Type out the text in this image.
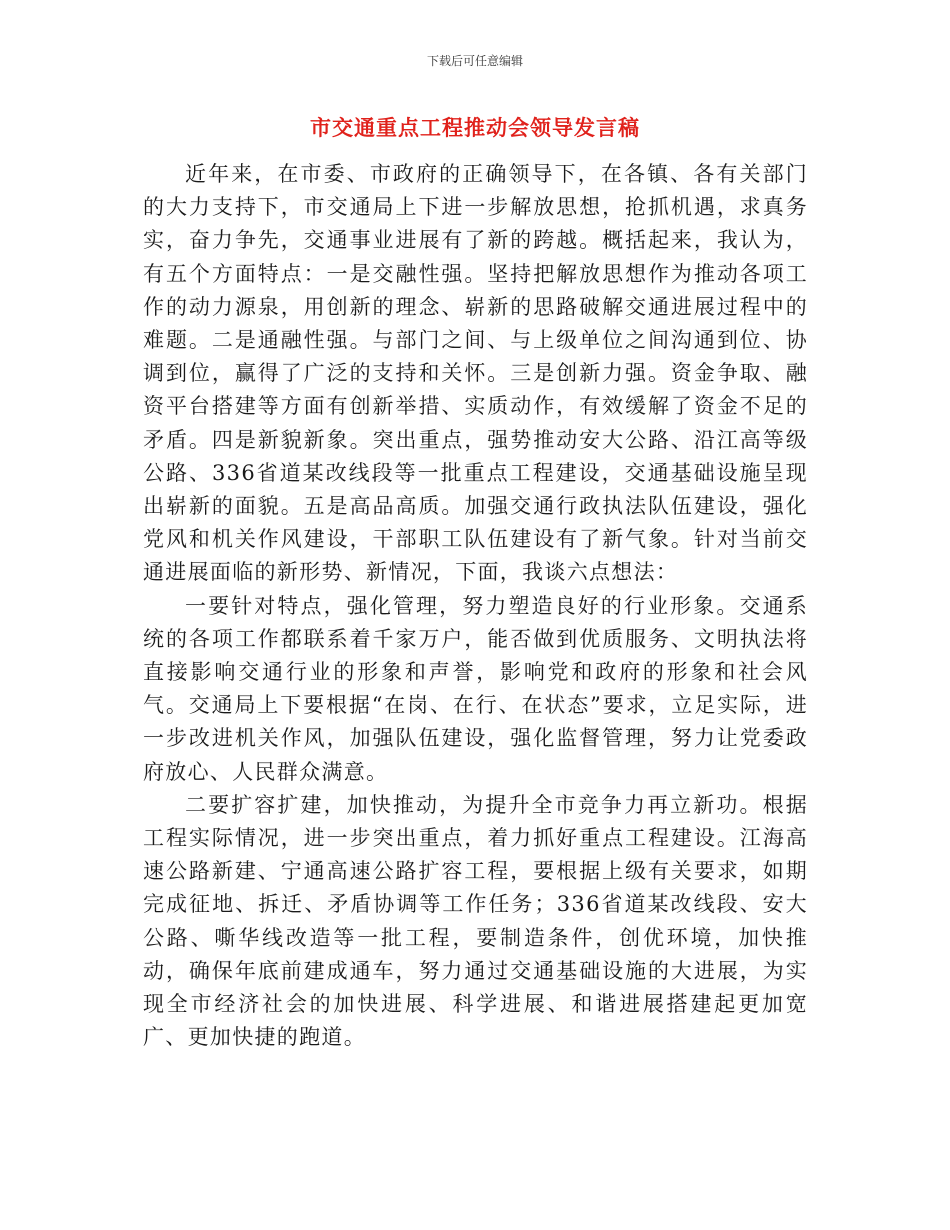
下载后可任意编辑
市交通重点工程推动会领导发言稿

近年来，在市委、市政府的正确领导下，在各镇、各有关部门的大力支持下，市交通局上下进一步解放思想，抢抓机遇，求真务实，奋力争先，交通事业进展有了新的跨越。概括起来，我认为，有五个方面特点：一是交融性强。坚持把解放思想作为推动各项工作的动力源泉，用创新的理念、崭新的思路破解交通进展过程中的难题。二是通融性强。与部门之间、与上级单位之间沟通到位、协调到位，赢得了广泛的支持和关怀。三是创新力强。资金争取、融资平台搭建等方面有创新举措、实质动作，有效缓解了资金不足的矛盾。四是新貌新象。突出重点，强势推动安大公路、沿江高等级公路、336省道某改线段等一批重点工程建设，交通基础设施呈现出崭新的面貌。五是高品高质。加强交通行政执法队伍建设，强化党风和机关作风建设，干部职工队伍建设有了新气象。针对当前交通进展面临的新形势、新情况，下面，我谈六点想法：

一要针对特点，强化管理，努力塑造良好的行业形象。交通系统的各项工作都联系着千家万户，能否做到优质服务、文明执法将直接影响交通行业的形象和声誉，影响党和政府的形象和社会风气。交通局上下要根据“在岗、在行、在状态”要求，立足实际，进一步改进机关作风，加强队伍建设，强化监督管理，努力让党委政府放心、人民群众满意。

二要扩容扩建，加快推动，为提升全市竞争力再立新功。根据工程实际情况，进一步突出重点，着力抓好重点工程建设。江海高速公路新建、宁通高速公路扩容工程，要根据上级有关要求，如期完成征地、拆迁、矛盾协调等工作任务；336省道某改线段、安大公路、嘶华线改造等一批工程，要制造条件，创优环境，加快推动，确保年底前建成通车，努力通过交通基础设施的大进展，为实现全市经济社会的加快进展、科学进展、和谐进展搭建起更加宽广、更加快捷的跑道。
